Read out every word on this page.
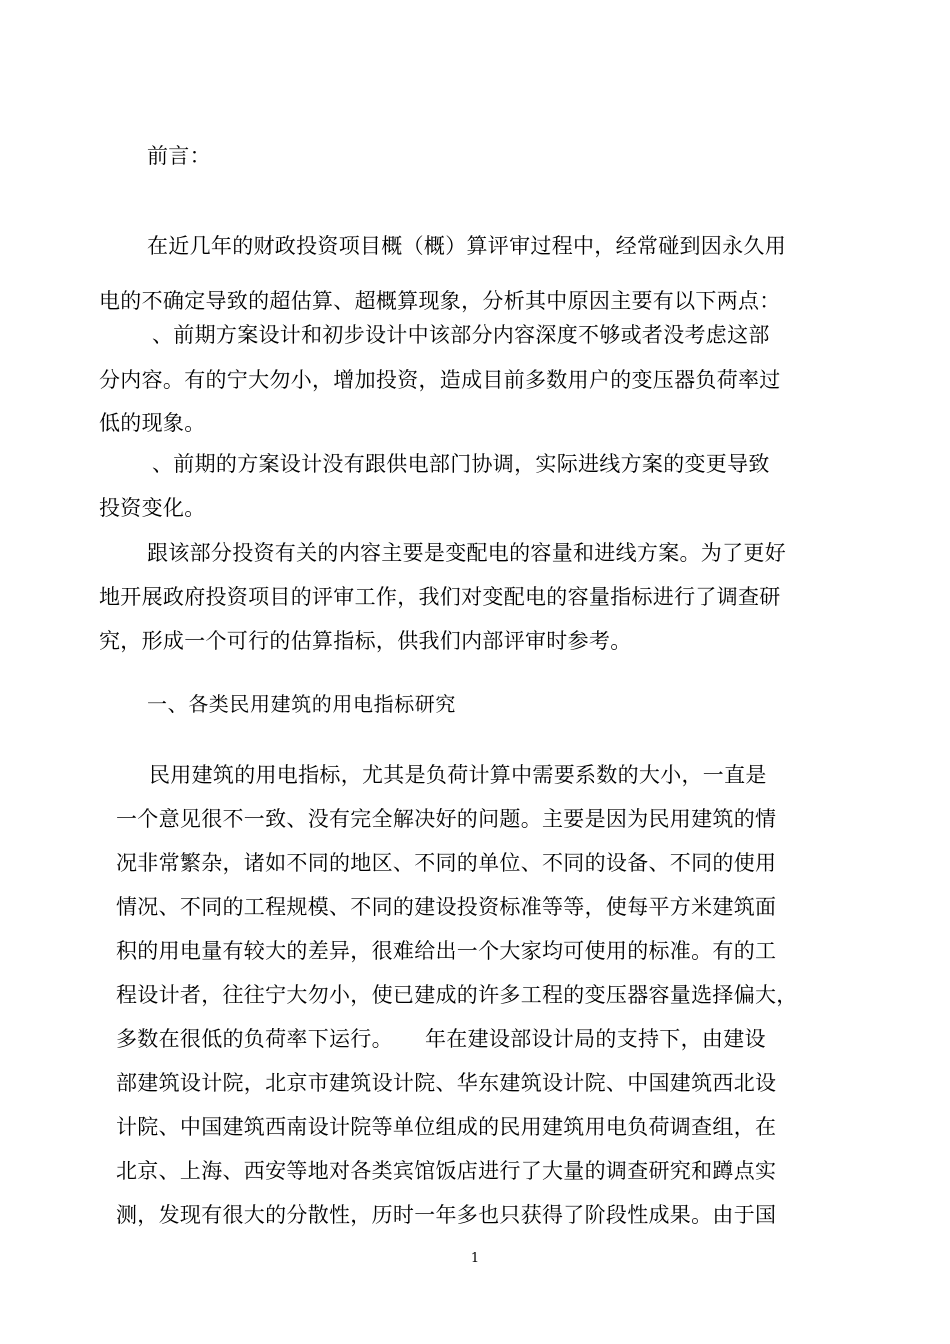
前言：
在近几年的财政投资项目概（概）算评审过程中，经常碰到因永久用
电的不确定导致的超估算、超概算现象，分析其中原因主要有以下两点：
、前期方案设计和初步设计中该部分内容深度不够或者没考虑这部
分内容。有的宁大勿小，增加投资，造成目前多数用户的变压器负荷率过
低的现象。
、前期的方案设计没有跟供电部门协调，实际进线方案的变更导致
投资变化。
跟该部分投资有关的内容主要是变配电的容量和进线方案。为了更好
地开展政府投资项目的评审工作，我们对变配电的容量指标进行了调查研
究，形成一个可行的估算指标，供我们内部评审时参考。
一、各类民用建筑的用电指标研究
民用建筑的用电指标，尤其是负荷计算中需要系数的大小，一直是
一个意见很不一致、没有完全解决好的问题。主要是因为民用建筑的情
况非常繁杂，诸如不同的地区、不同的单位、不同的设备、不同的使用
情况、不同的工程规模、不同的建设投资标准等等，使每平方米建筑面
积的用电量有较大的差异，很难给出一个大家均可使用的标准。有的工
程设计者，往往宁大勿小，使已建成的许多工程的变压器容量选择偏大，
多数在很低的负荷率下运行。　　年在建设部设计局的支持下，由建设
部建筑设计院，北京市建筑设计院、华东建筑设计院、中国建筑西北设
计院、中国建筑西南设计院等单位组成的民用建筑用电负荷调查组，在
北京、上海、西安等地对各类宾馆饭店进行了大量的调查研究和蹲点实
测，发现有很大的分散性，历时一年多也只获得了阶段性成果。由于国
1
